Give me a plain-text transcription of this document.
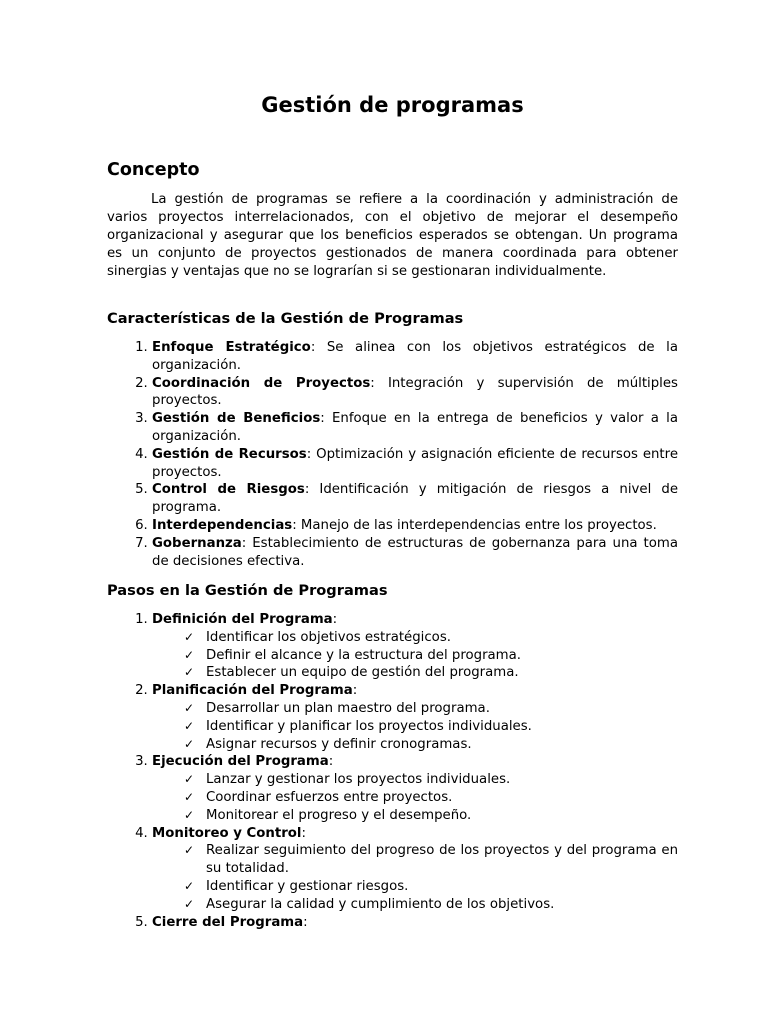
Gestión de programas
Concepto

La gestión de programas se refiere a la coordinación y administración de varios proyectos interrelacionados, con el objetivo de mejorar el desempeño organizacional y asegurar que los beneficios esperados se obtengan. Un programa es un conjunto de proyectos gestionados de manera coordinada para obtener sinergias y ventajas que no se lograrían si se gestionaran individualmente.

Características de la Gestión de Programas
1. Enfoque Estratégico: Se alinea con los objetivos estratégicos de la organización.
2. Coordinación de Proyectos: Integración y supervisión de múltiples proyectos.
3. Gestión de Beneficios: Enfoque en la entrega de beneficios y valor a la organización.
4. Gestión de Recursos: Optimización y asignación eficiente de recursos entre proyectos.
5. Control de Riesgos: Identificación y mitigación de riesgos a nivel de programa.
6. Interdependencias: Manejo de las interdependencias entre los proyectos.
7. Gobernanza: Establecimiento de estructuras de gobernanza para una toma de decisiones efectiva.
Pasos en la Gestión de Programas
1. Definición del Programa:
✓ Identificar los objetivos estratégicos.
✓ Definir el alcance y la estructura del programa.
✓ Establecer un equipo de gestión del programa.
2. Planificación del Programa:
✓ Desarrollar un plan maestro del programa.
✓ Identificar y planificar los proyectos individuales.
✓ Asignar recursos y definir cronogramas.
3. Ejecución del Programa:
✓ Lanzar y gestionar los proyectos individuales.
✓ Coordinar esfuerzos entre proyectos.
✓ Monitorear el progreso y el desempeño.
4. Monitoreo y Control:
✓ Realizar seguimiento del progreso de los proyectos y del programa en su totalidad.
✓ Identificar y gestionar riesgos.
✓ Asegurar la calidad y cumplimiento de los objetivos.
5. Cierre del Programa:
